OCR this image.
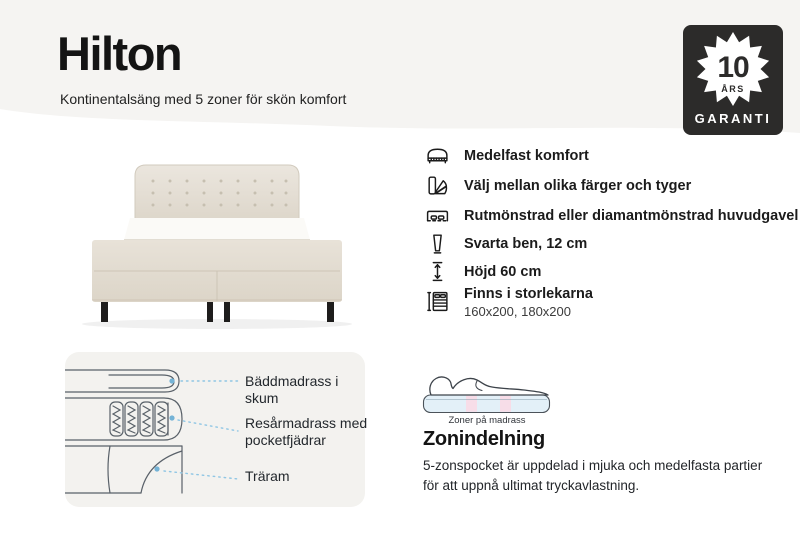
Hilton
Kontinentalsäng med 5 zoner för skön komfort
10
ÅRS
GARANTI
Medelfast komfort
Välj mellan olika färger och tyger
Rutmönstrad eller diamantmönstrad huvudgavel
Svarta ben, 12 cm
Höjd 60 cm
Finns i storlekarna
160x200, 180x200
Bäddmadrass i skum
Resårmadrass med pocketfjädrar
Träram
Zoner på madrass
Zonindelning
5-zonspocket är uppdelad i mjuka och medelfasta partier för att uppnå ultimat tryckavlastning.
